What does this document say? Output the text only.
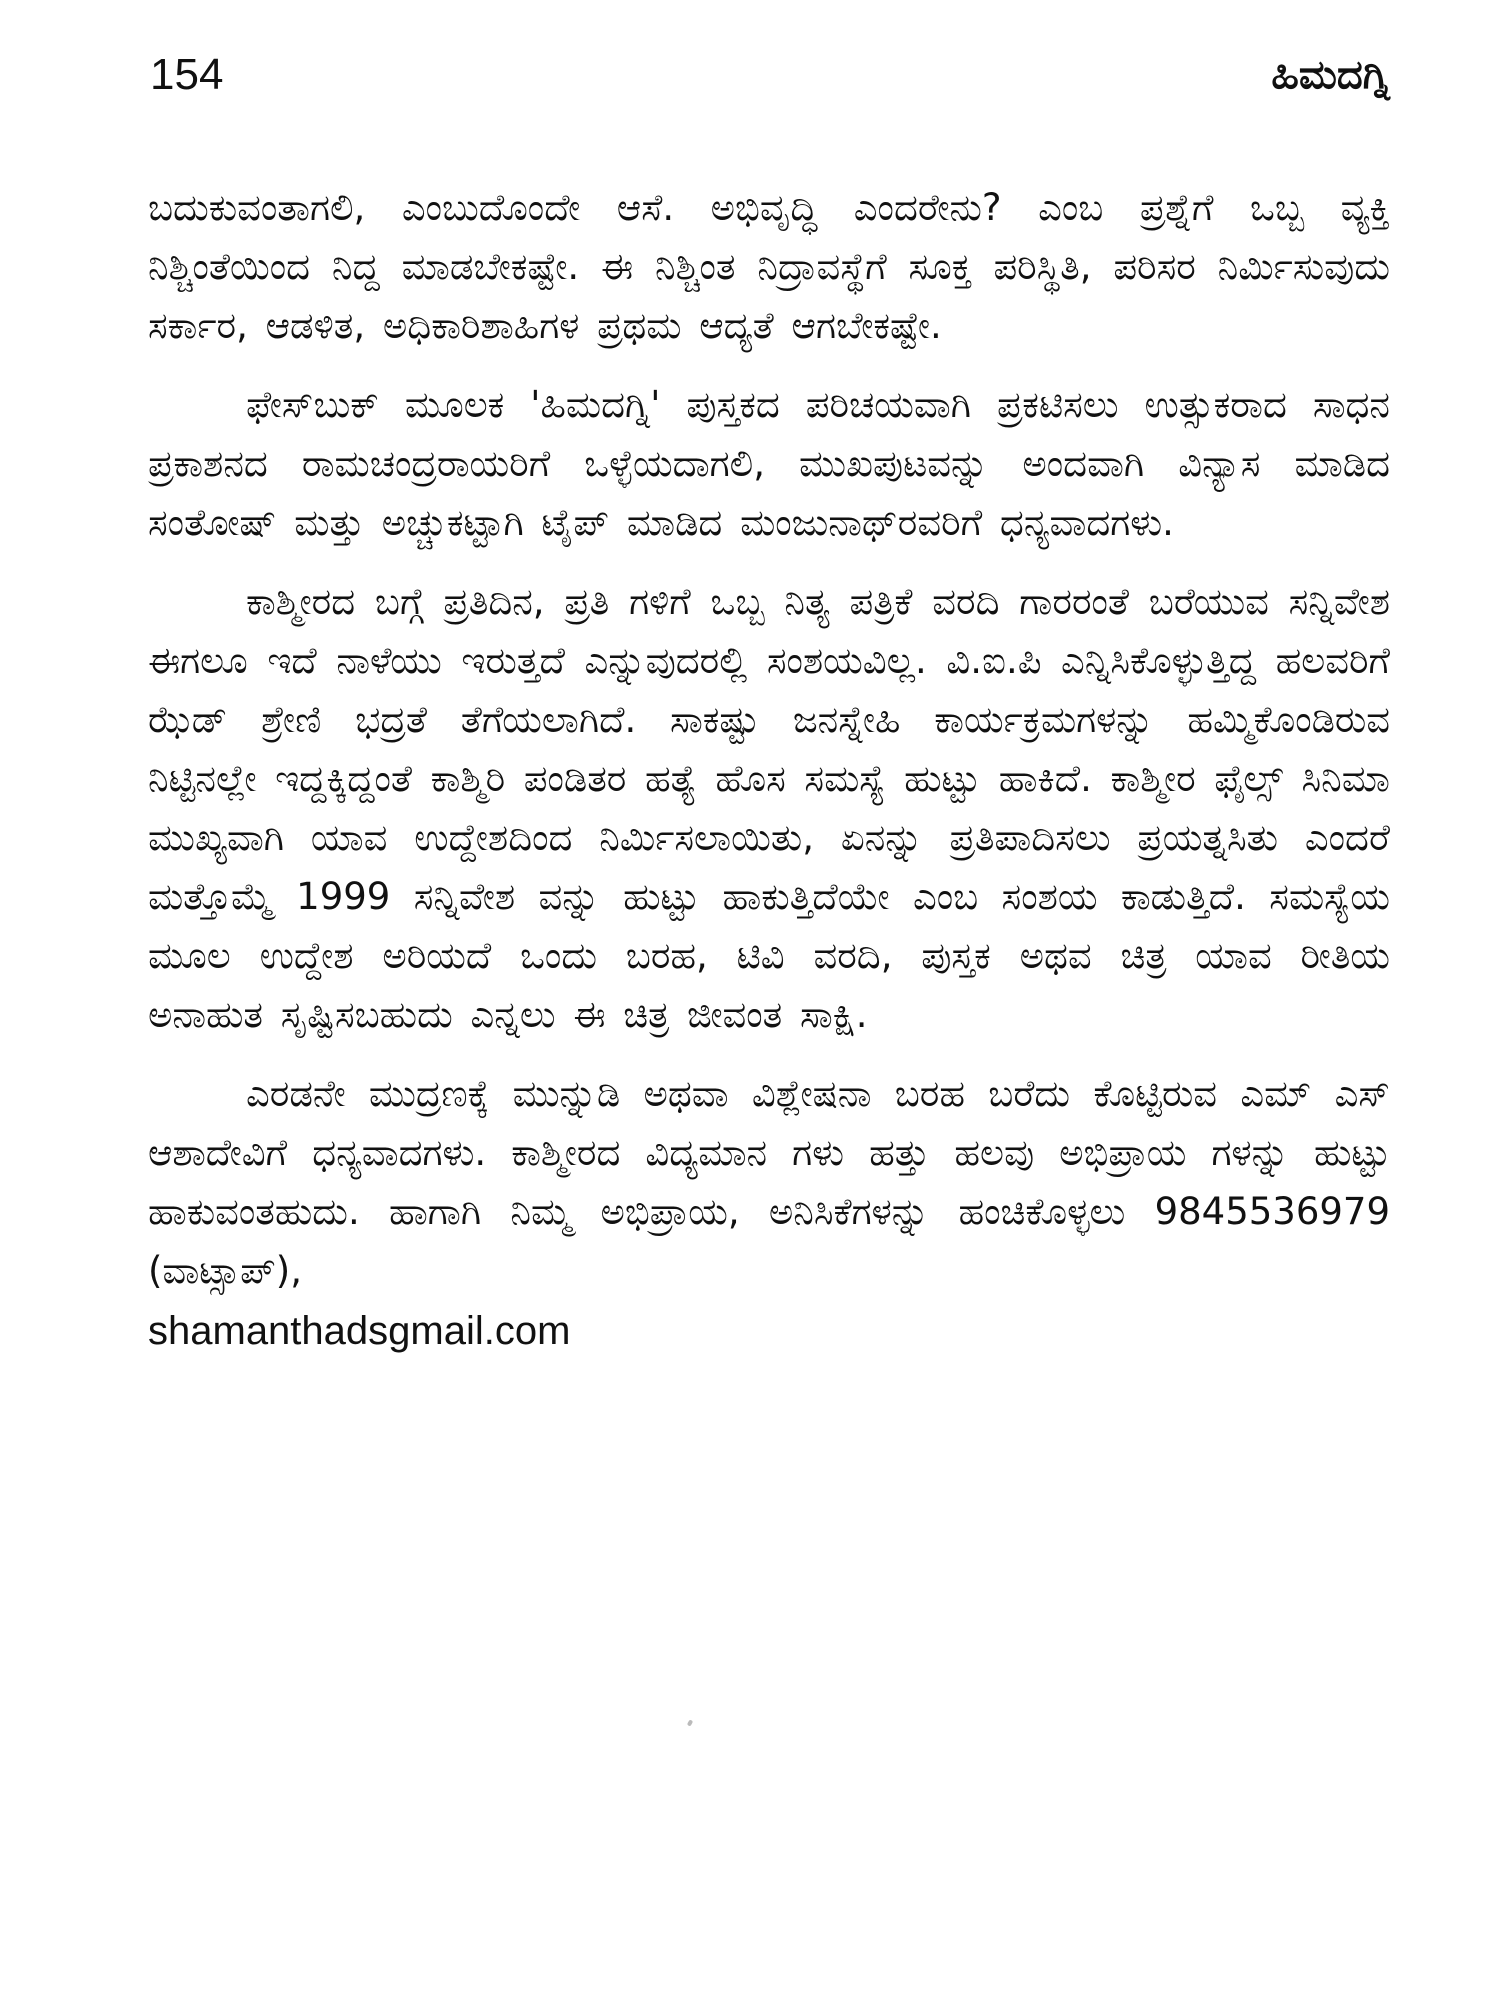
154	ಹಿಮದಗ್ನಿ

ಬದುಕುವಂತಾಗಲಿ, ಎಂಬುದೊಂದೇ ಆಸೆ. ಅಭಿವೃದ್ಧಿ ಎಂದರೇನು? ಎಂಬ ಪ್ರಶ್ನೆಗೆ ಒಬ್ಬ ವ್ಯಕ್ತಿ ನಿಶ್ಚಿಂತೆಯಿಂದ ನಿದ್ದ ಮಾಡಬೇಕಷ್ಟೇ. ಈ ನಿಶ್ಚಿಂತ ನಿದ್ರಾವಸ್ಥೆಗೆ ಸೂಕ್ತ ಪರಿಸ್ಥಿತಿ, ಪರಿಸರ ನಿರ್ಮಿಸುವುದು ಸರ್ಕಾರ, ಆಡಳಿತ, ಅಧಿಕಾರಿಶಾಹಿಗಳ ಪ್ರಥಮ ಆದ್ಯತೆ ಆಗಬೇಕಷ್ಟೇ.

ಫೇಸ್‌ಬುಕ್ ಮೂಲಕ 'ಹಿಮದಗ್ನಿ' ಪುಸ್ತಕದ ಪರಿಚಯವಾಗಿ ಪ್ರಕಟಿಸಲು ಉತ್ಸುಕರಾದ ಸಾಧನ ಪ್ರಕಾಶನದ ರಾಮಚಂದ್ರರಾಯರಿಗೆ ಒಳ್ಳೆಯದಾಗಲಿ, ಮುಖಪುಟವನ್ನು ಅಂದವಾಗಿ ವಿನ್ಯಾಸ ಮಾಡಿದ ಸಂತೋಷ್ ಮತ್ತು ಅಚ್ಚುಕಟ್ಟಾಗಿ ಟೈಪ್ ಮಾಡಿದ ಮಂಜುನಾಥ್‌ರವರಿಗೆ ಧನ್ಯವಾದಗಳು.

ಕಾಶ್ಮೀರದ ಬಗ್ಗೆ ಪ್ರತಿದಿನ, ಪ್ರತಿ ಗಳಿಗೆ ಒಬ್ಬ ನಿತ್ಯ ಪತ್ರಿಕೆ ವರದಿ ಗಾರರಂತೆ ಬರೆಯುವ ಸನ್ನಿವೇಶ ಈಗಲೂ ಇದೆ ನಾಳೆಯು ಇರುತ್ತದೆ ಎನ್ನುವುದರಲ್ಲಿ ಸಂಶಯವಿಲ್ಲ. ವಿ.ಐ.ಪಿ ಎನ್ನಿಸಿಕೊಳ್ಳುತ್ತಿದ್ದ ಹಲವರಿಗೆ ಝೆಡ್ ಶ್ರೇಣಿ ಭದ್ರತೆ ತೆಗೆಯಲಾಗಿದೆ. ಸಾಕಷ್ಟು ಜನಸ್ನೇಹಿ ಕಾರ್ಯಕ್ರಮಗಳನ್ನು ಹಮ್ಮಿಕೊಂಡಿರುವ ನಿಟ್ಟಿನಲ್ಲೇ ಇದ್ದಕ್ಕಿದ್ದಂತೆ ಕಾಶ್ಮಿರಿ ಪಂಡಿತರ ಹತ್ಯೆ ಹೊಸ ಸಮಸ್ಯೆ ಹುಟ್ಟು ಹಾಕಿದೆ. ಕಾಶ್ಮೀರ ಫೈಲ್ಸ್ ಸಿನಿಮಾ ಮುಖ್ಯವಾಗಿ ಯಾವ ಉದ್ದೇಶದಿಂದ ನಿರ್ಮಿಸಲಾಯಿತು, ಏನನ್ನು ಪ್ರತಿಪಾದಿಸಲು ಪ್ರಯತ್ನಸಿತು ಎಂದರೆ ಮತ್ತೊಮ್ಮೆ 1999 ಸನ್ನಿವೇಶ ವನ್ನು ಹುಟ್ಟು ಹಾಕುತ್ತಿದೆಯೇ ಎಂಬ ಸಂಶಯ ಕಾಡುತ್ತಿದೆ. ಸಮಸ್ಯೆಯ ಮೂಲ ಉದ್ದೇಶ ಅರಿಯದೆ ಒಂದು ಬರಹ, ಟಿವಿ ವರದಿ, ಪುಸ್ತಕ ಅಥವ ಚಿತ್ರ ಯಾವ ರೀತಿಯ ಅನಾಹುತ ಸೃಷ್ಟಿಸಬಹುದು ಎನ್ನಲು ಈ ಚಿತ್ರ ಜೀವಂತ ಸಾಕ್ಷಿ.

ಎರಡನೇ ಮುದ್ರಣಕ್ಕೆ ಮುನ್ನುಡಿ ಅಥವಾ ವಿಶ್ಲೇಷನಾ ಬರಹ ಬರೆದು ಕೊಟ್ಟಿರುವ ಎಮ್ ಎಸ್ ಆಶಾದೇವಿಗೆ ಧನ್ಯವಾದಗಳು. ಕಾಶ್ಮೀರದ ವಿದ್ಯಮಾನ ಗಳು ಹತ್ತು ಹಲವು ಅಭಿಪ್ರಾಯ ಗಳನ್ನು ಹುಟ್ಟು ಹಾಕುವಂತಹುದು. ಹಾಗಾಗಿ ನಿಮ್ಮ ಅಭಿಪ್ರಾಯ, ಅನಿಸಿಕೆಗಳನ್ನು ಹಂಚಿಕೊಳ್ಳಲು 9845536979 (ವಾಟ್ಸಾಪ್),

shamanthadsgmail.com
